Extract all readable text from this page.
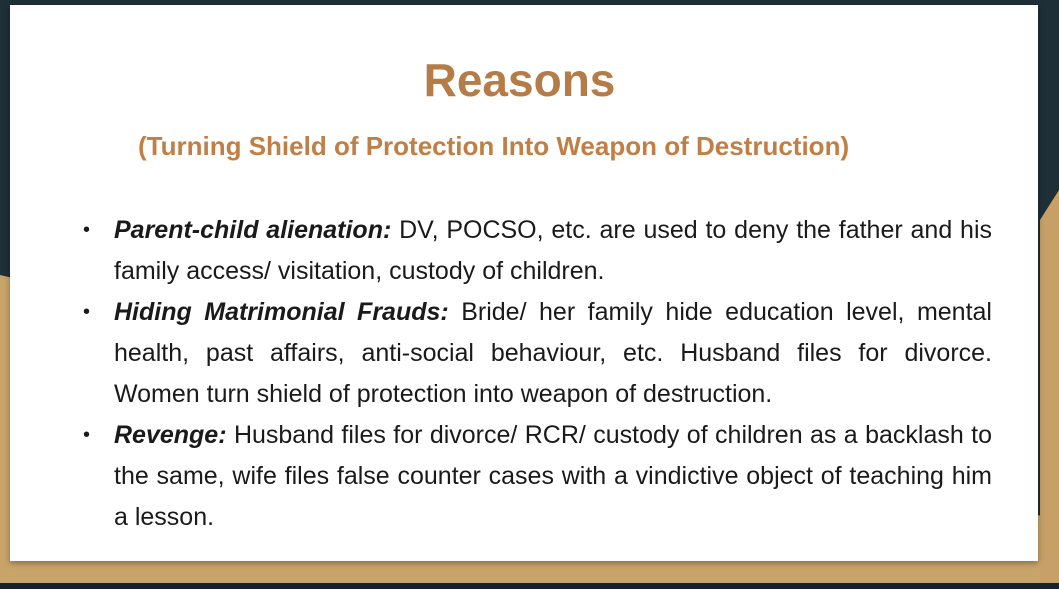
Reasons
(Turning Shield of Protection Into Weapon of Destruction)
• Parent-child alienation: DV, POCSO, etc. are used to deny the father and his family access/ visitation, custody of children.
• Hiding Matrimonial Frauds: Bride/ her family hide education level, mental health, past affairs, anti-social behaviour, etc. Husband files for divorce. Women turn shield of protection into weapon of destruction.
• Revenge: Husband files for divorce/ RCR/ custody of children as a backlash to the same, wife files false counter cases with a vindictive object of teaching him a lesson.
